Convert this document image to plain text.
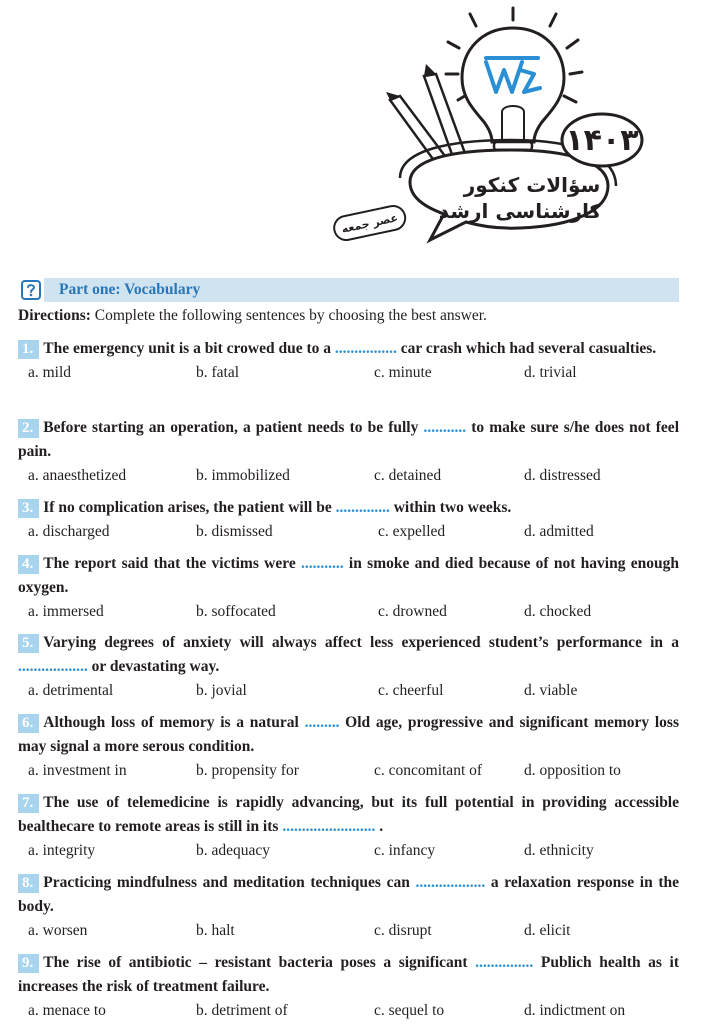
سؤالات کنکور
کارشناسی ارشد
۱۴۰۳
عصر جمعه
Part one: Vocabulary
Directions: Complete the following sentences by choosing the best answer.
1. The emergency unit is a bit crowed due to a ................ car crash which had several casualties.
a. mild	b. fatal	c. minute	d. trivial
2. Before starting an operation, a patient needs to be fully ........... to make sure s/he does not feel pain.
a. anaesthetized	b. immobilized	c. detained	d. distressed
3. If no complication arises, the patient will be .............. within two weeks.
a. discharged	b. dismissed	c. expelled	d. admitted
4. The report said that the victims were ........... in smoke and died because of not having enough oxygen.
a. immersed	b. soffocated	c. drowned	d. chocked
5. Varying degrees of anxiety will always affect less experienced student’s performance in a .................. or devastating way.
a. detrimental	b. jovial	c. cheerful	d. viable
6. Although loss of memory is a natural ......... Old age, progressive and significant memory loss may signal a more serous condition.
a. investment in	b. propensity for	c. concomitant of	d. opposition to
7. The use of telemedicine is rapidly advancing, but its full potential in providing accessible bealthecare to remote areas is still in its ........................ .
a. integrity	b. adequacy	c. infancy	d. ethnicity
8. Practicing mindfulness and meditation techniques can .................. a relaxation response in the body.
a. worsen	b. halt	c. disrupt	d. elicit
9. The rise of antibiotic – resistant bacteria poses a significant ............... Publich health as it increases the risk of treatment failure.
a. menace to	b. detriment of	c. sequel to	d. indictment on
